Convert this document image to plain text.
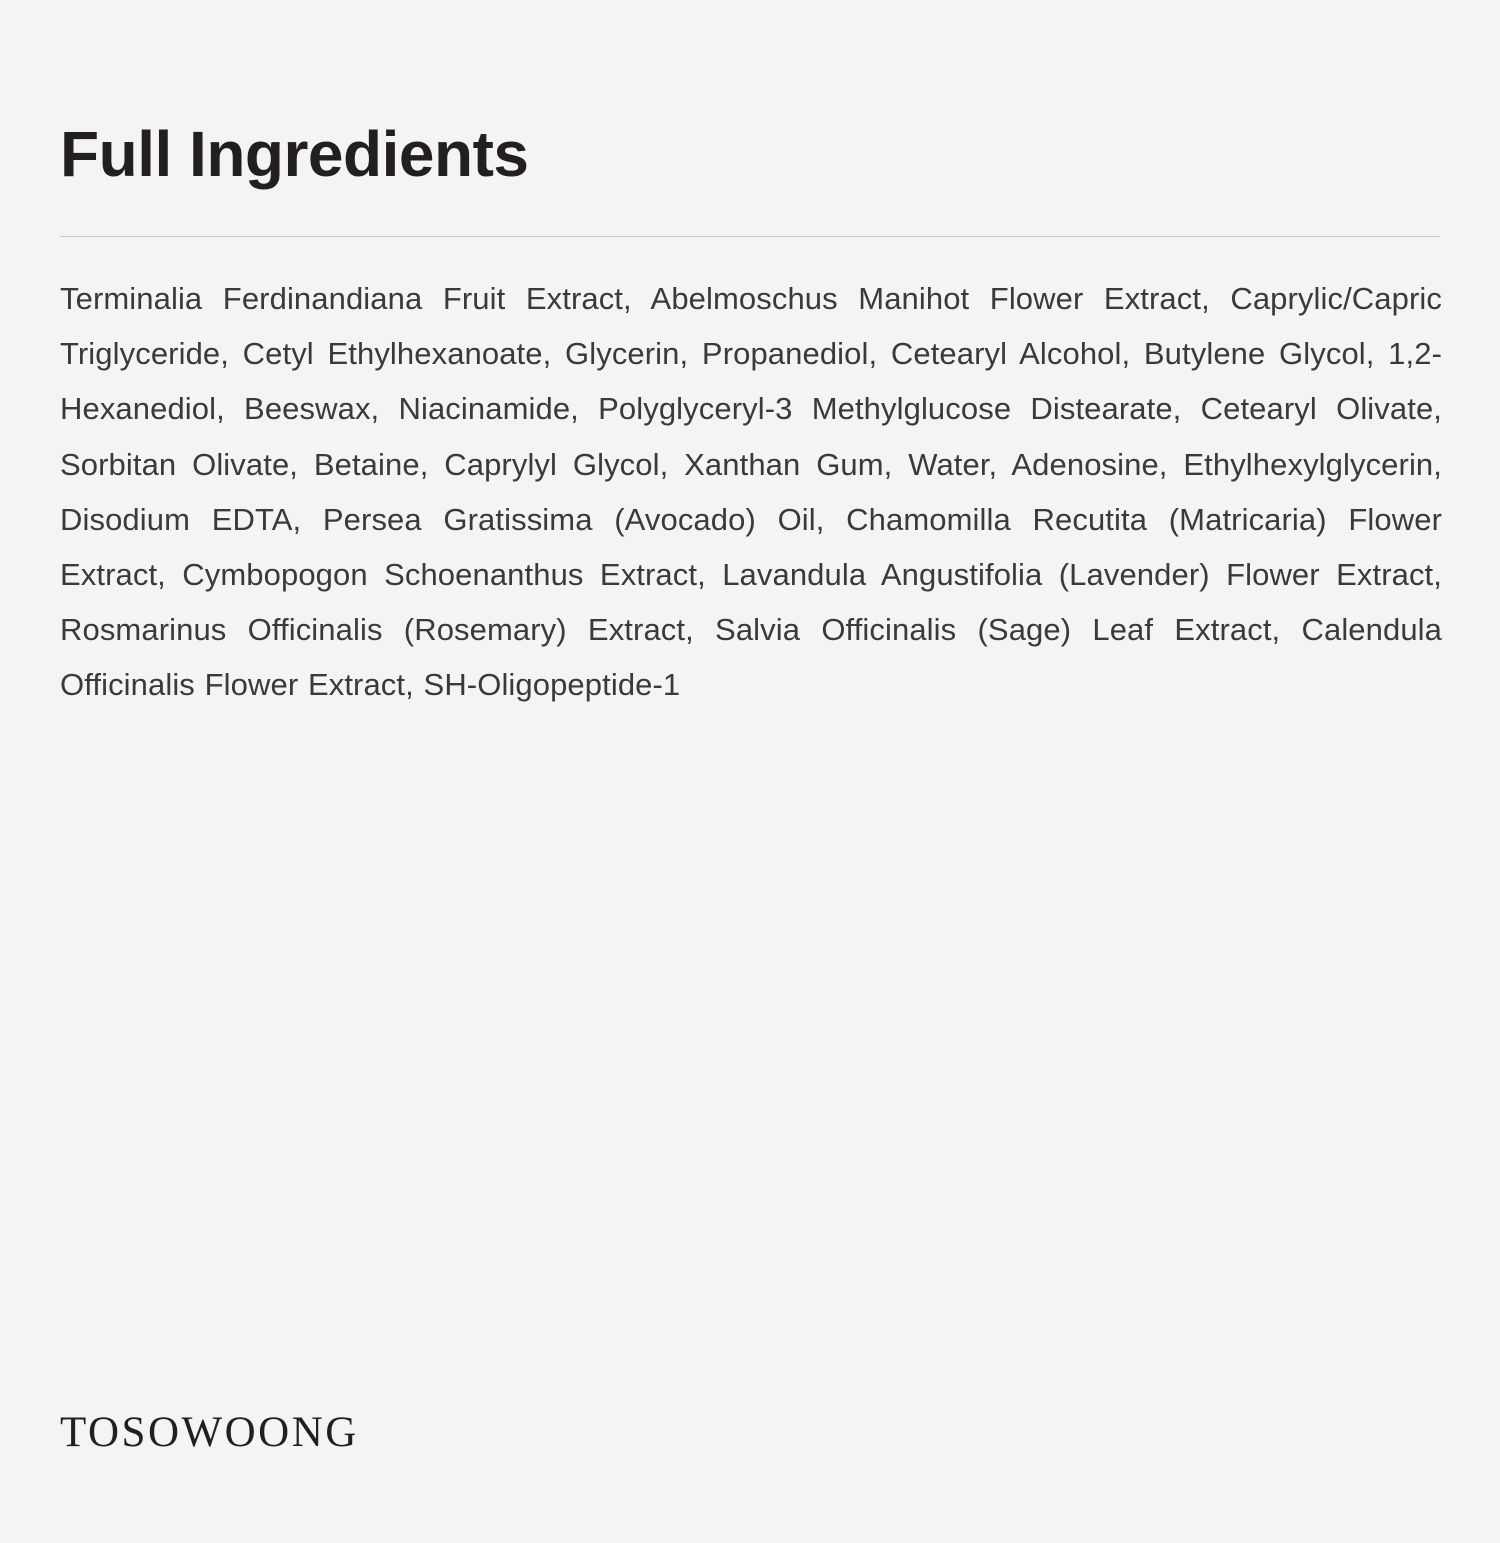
Full Ingredients

Terminalia Ferdinandiana Fruit Extract, Abelmoschus Manihot Flower Extract, Caprylic/Capric Triglyceride, Cetyl Ethylhexanoate, Glycerin, Propanediol, Cetearyl Alcohol, Butylene Glycol, 1,2-Hexanediol, Beeswax, Niacinamide, Polyglyceryl-3 Methylglucose Distearate, Cetearyl Olivate, Sorbitan Olivate, Betaine, Caprylyl Glycol, Xanthan Gum, Water, Adenosine, Ethylhexylglycerin, Disodium EDTA, Persea Gratissima (Avocado) Oil, Chamomilla Recutita (Matricaria) Flower Extract, Cymbopogon Schoenanthus Extract, Lavandula Angustifolia (Lavender) Flower Extract, Rosmarinus Officinalis (Rosemary) Extract, Salvia Officinalis (Sage) Leaf Extract, Calendula Officinalis Flower Extract, SH-Oligopeptide-1

TOSOWOONG
